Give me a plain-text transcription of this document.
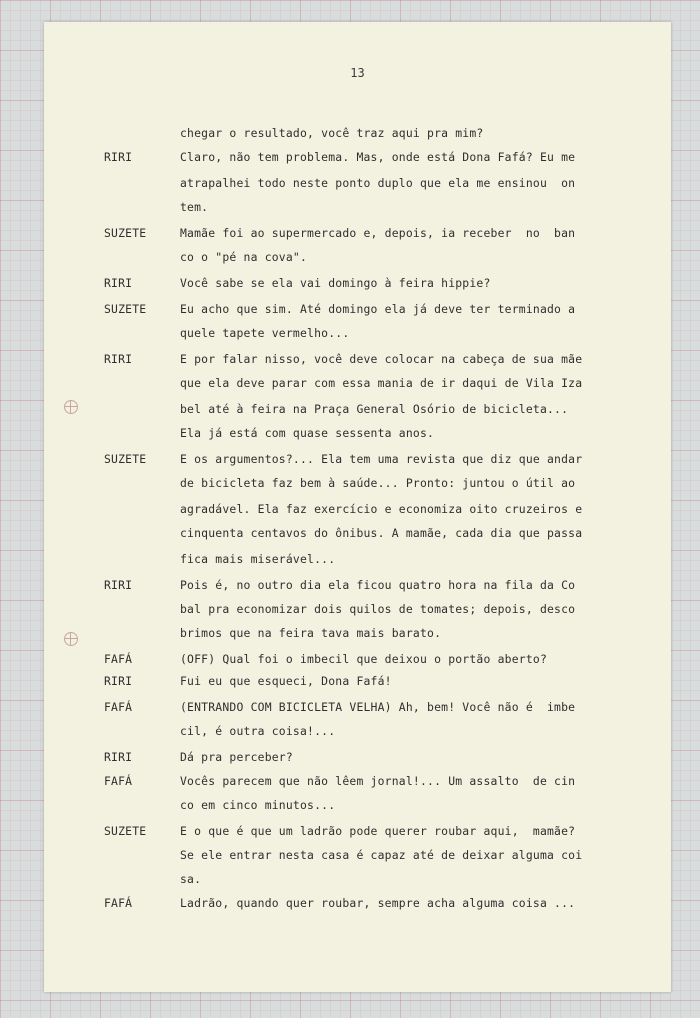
13
chegar o resultado, você traz aqui pra mim?
RIRI	Claro, não tem problema. Mas, onde está Dona Fafá? Eu me
atrapalhei todo neste ponto duplo que ela me ensinou  on
tem.
SUZETE	Mamãe foi ao supermercado e, depois, ia receber  no  ban
co o "pé na cova".
RIRI	Você sabe se ela vai domingo à feira hippie?
SUZETE	Eu acho que sim. Até domingo ela já deve ter terminado a
quele tapete vermelho...
RIRI	E por falar nisso, você deve colocar na cabeça de sua mãe
que ela deve parar com essa mania de ir daqui de Vila Iza
bel até à feira na Praça General Osório de bicicleta...
Ela já está com quase sessenta anos.
SUZETE	E os argumentos?... Ela tem uma revista que diz que andar
de bicicleta faz bem à saúde... Pronto: juntou o útil ao
agradável. Ela faz exercício e economiza oito cruzeiros e
cinquenta centavos do ônibus. A mamãe, cada dia que passa
fica mais miserável...
RIRI	Pois é, no outro dia ela ficou quatro hora na fila da Co
bal pra economizar dois quilos de tomates; depois, desco
brimos que na feira tava mais barato.
FAFÁ	(OFF) Qual foi o imbecil que deixou o portão aberto?
RIRI	Fui eu que esqueci, Dona Fafá!
FAFÁ	(ENTRANDO COM BICICLETA VELHA) Ah, bem! Você não é  imbe
cil, é outra coisa!...
RIRI	Dá pra perceber?
FAFÁ	Vocês parecem que não lêem jornal!... Um assalto  de cin
co em cinco minutos...
SUZETE	E o que é que um ladrão pode querer roubar aqui,  mamãe?
Se ele entrar nesta casa é capaz até de deixar alguma coi
sa.
FAFÁ	Ladrão, quando quer roubar, sempre acha alguma coisa ...
